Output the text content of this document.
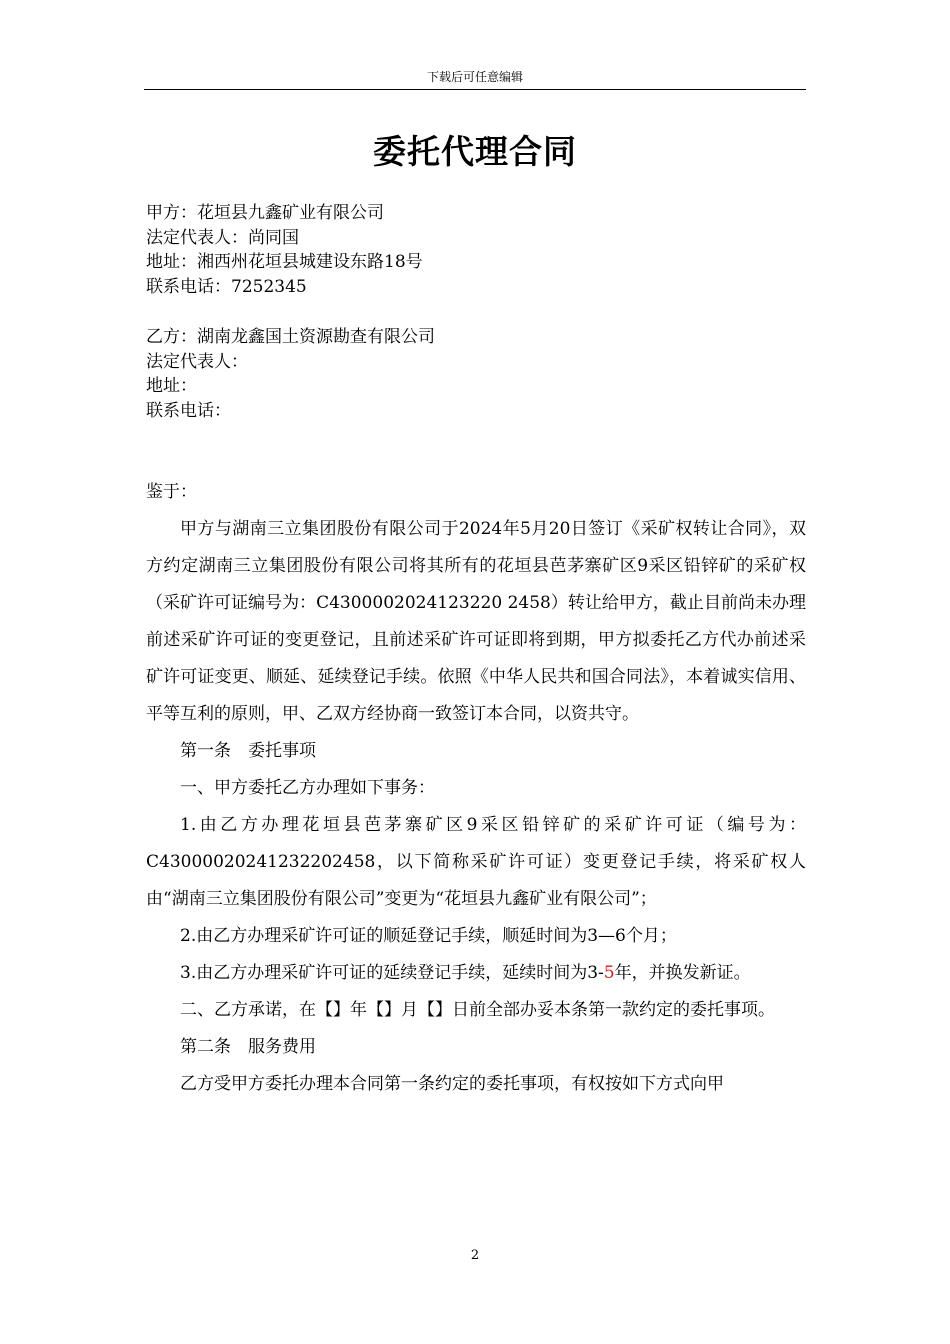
下载后可任意编辑
委托代理合同
甲方：花垣县九鑫矿业有限公司
法定代表人：尚同国
地址：湘西州花垣县城建设东路18号
联系电话：7252345
乙方：湖南龙鑫国土资源勘查有限公司
法定代表人：
地址：
联系电话：

鉴于：

甲方与湖南三立集团股份有限公司于2024年5月20日签订《采矿权转让合同》，双方约定湖南三立集团股份有限公司将其所有的花垣县芭茅寨矿区9采区铅锌矿的采矿权（采矿许可证编号为：C4300002024123220 2458）转让给甲方，截止目前尚未办理前述采矿许可证的变更登记，且前述采矿许可证即将到期，甲方拟委托乙方代办前述采矿许可证变更、顺延、延续登记手续。依照《中华人民共和国合同法》，本着诚实信用、平等互利的原则，甲、乙双方经协商一致签订本合同，以资共守。

第一条　委托事项

一、甲方委托乙方办理如下事务：

1.由乙方办理花垣县芭茅寨矿区9采区铅锌矿的采矿许可证（编号为：C43000020241232202458，以下简称采矿许可证）变更登记手续，将采矿权人由“湖南三立集团股份有限公司”变更为“花垣县九鑫矿业有限公司”；

2.由乙方办理采矿许可证的顺延登记手续，顺延时间为3—6个月；

3.由乙方办理采矿许可证的延续登记手续，延续时间为3-5年，并换发新证。

二、乙方承诺，在【】年【】月【】日前全部办妥本条第一款约定的委托事项。

第二条　服务费用

乙方受甲方委托办理本合同第一条约定的委托事项，有权按如下方式向甲

2
